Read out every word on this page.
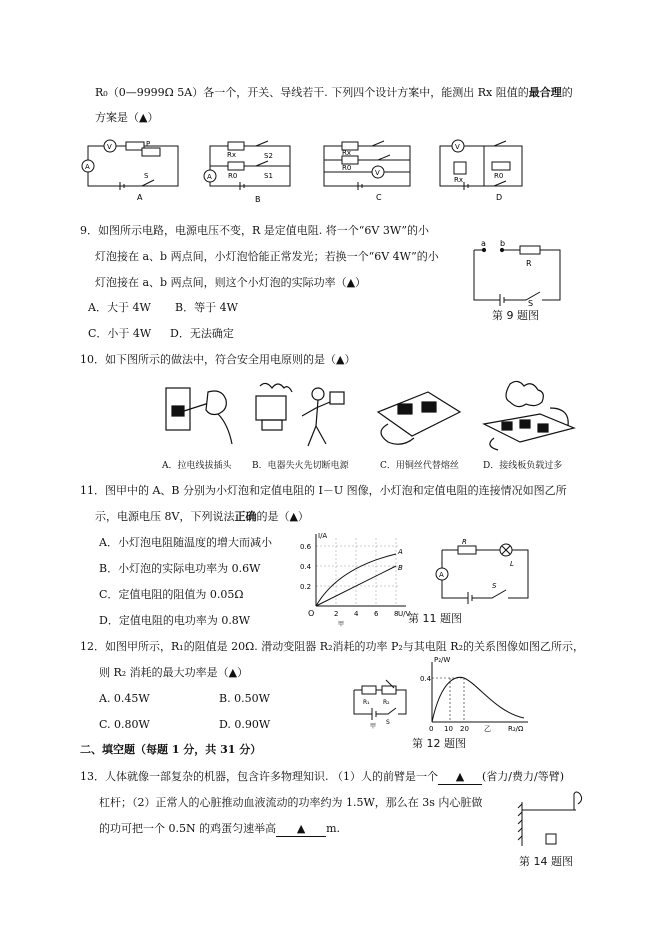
R₀（0—9999Ω 5A）各一个，开关、导线若干. 下列四个设计方案中，能测出 Rx 阻值的最合理的
方案是（▲）
V
A
P
S
A
Rx
R0
A
S2
S1
B
Rx
R0
V
C
V
Rx	R0
D
9．如图所示电路，电源电压不变，R 是定值电阻. 将一个“6V 3W”的小
灯泡接在 a、b 两点间，小灯泡恰能正常发光；若换一个“6V 4W”的小
灯泡接在 a、b 两点间，则这个小灯泡的实际功率（▲）
A．大于 4W B．等于 4W
C．小于 4W D．无法确定
a b
R
S
第 9 题图
10．如下图所示的做法中，符合安全用电原则的是（▲）
A．拉电线拔插头 B．电器失火先切断电源	C．用铜丝代替熔丝	D．接线板负载过多
11．图甲中的 A、B 分别为小灯泡和定值电阻的 I－U 图像，小灯泡和定值电阻的连接情况如图乙所
示，电源电压 8V，下列说法正确的是（▲）
A．小灯泡电阻随温度的增大而减小
B．小灯泡的实际电功率为 0.6W
C．定值电阻的阻值为 0.05Ω
D．定值电阻的电功率为 0.8W
I/A
U/V
O
0.6
0.4
0.2
2 4 6 8
A
B
甲
R
L
S
A
第 11 题图
12．如图甲所示，R₁的阻值是 20Ω. 滑动变阻器 R₂消耗的功率 P₂与其电阻 R₂的关系图像如图乙所示，
则 R₂ 消耗的最大功率是（▲）
A. 0.45W	B. 0.50W
C. 0.80W	D. 0.90W
R₁ R₂
S
甲
P₂/W
0.4
0 10 20 乙 R₂/Ω
第 12 题图
二、填空题（每题 1 分，共 31 分）
13．人体就像一部复杂的机器，包含许多物理知识. （1）人的前臂是一个 ▲ (省力/费力/等臂)
杠杆；（2）正常人的心脏推动血液流动的功率约为 1.5W，那么在 3s 内心脏做
的功可把一个 0.5N 的鸡蛋匀速举高 ▲ m.
第 14 题图
